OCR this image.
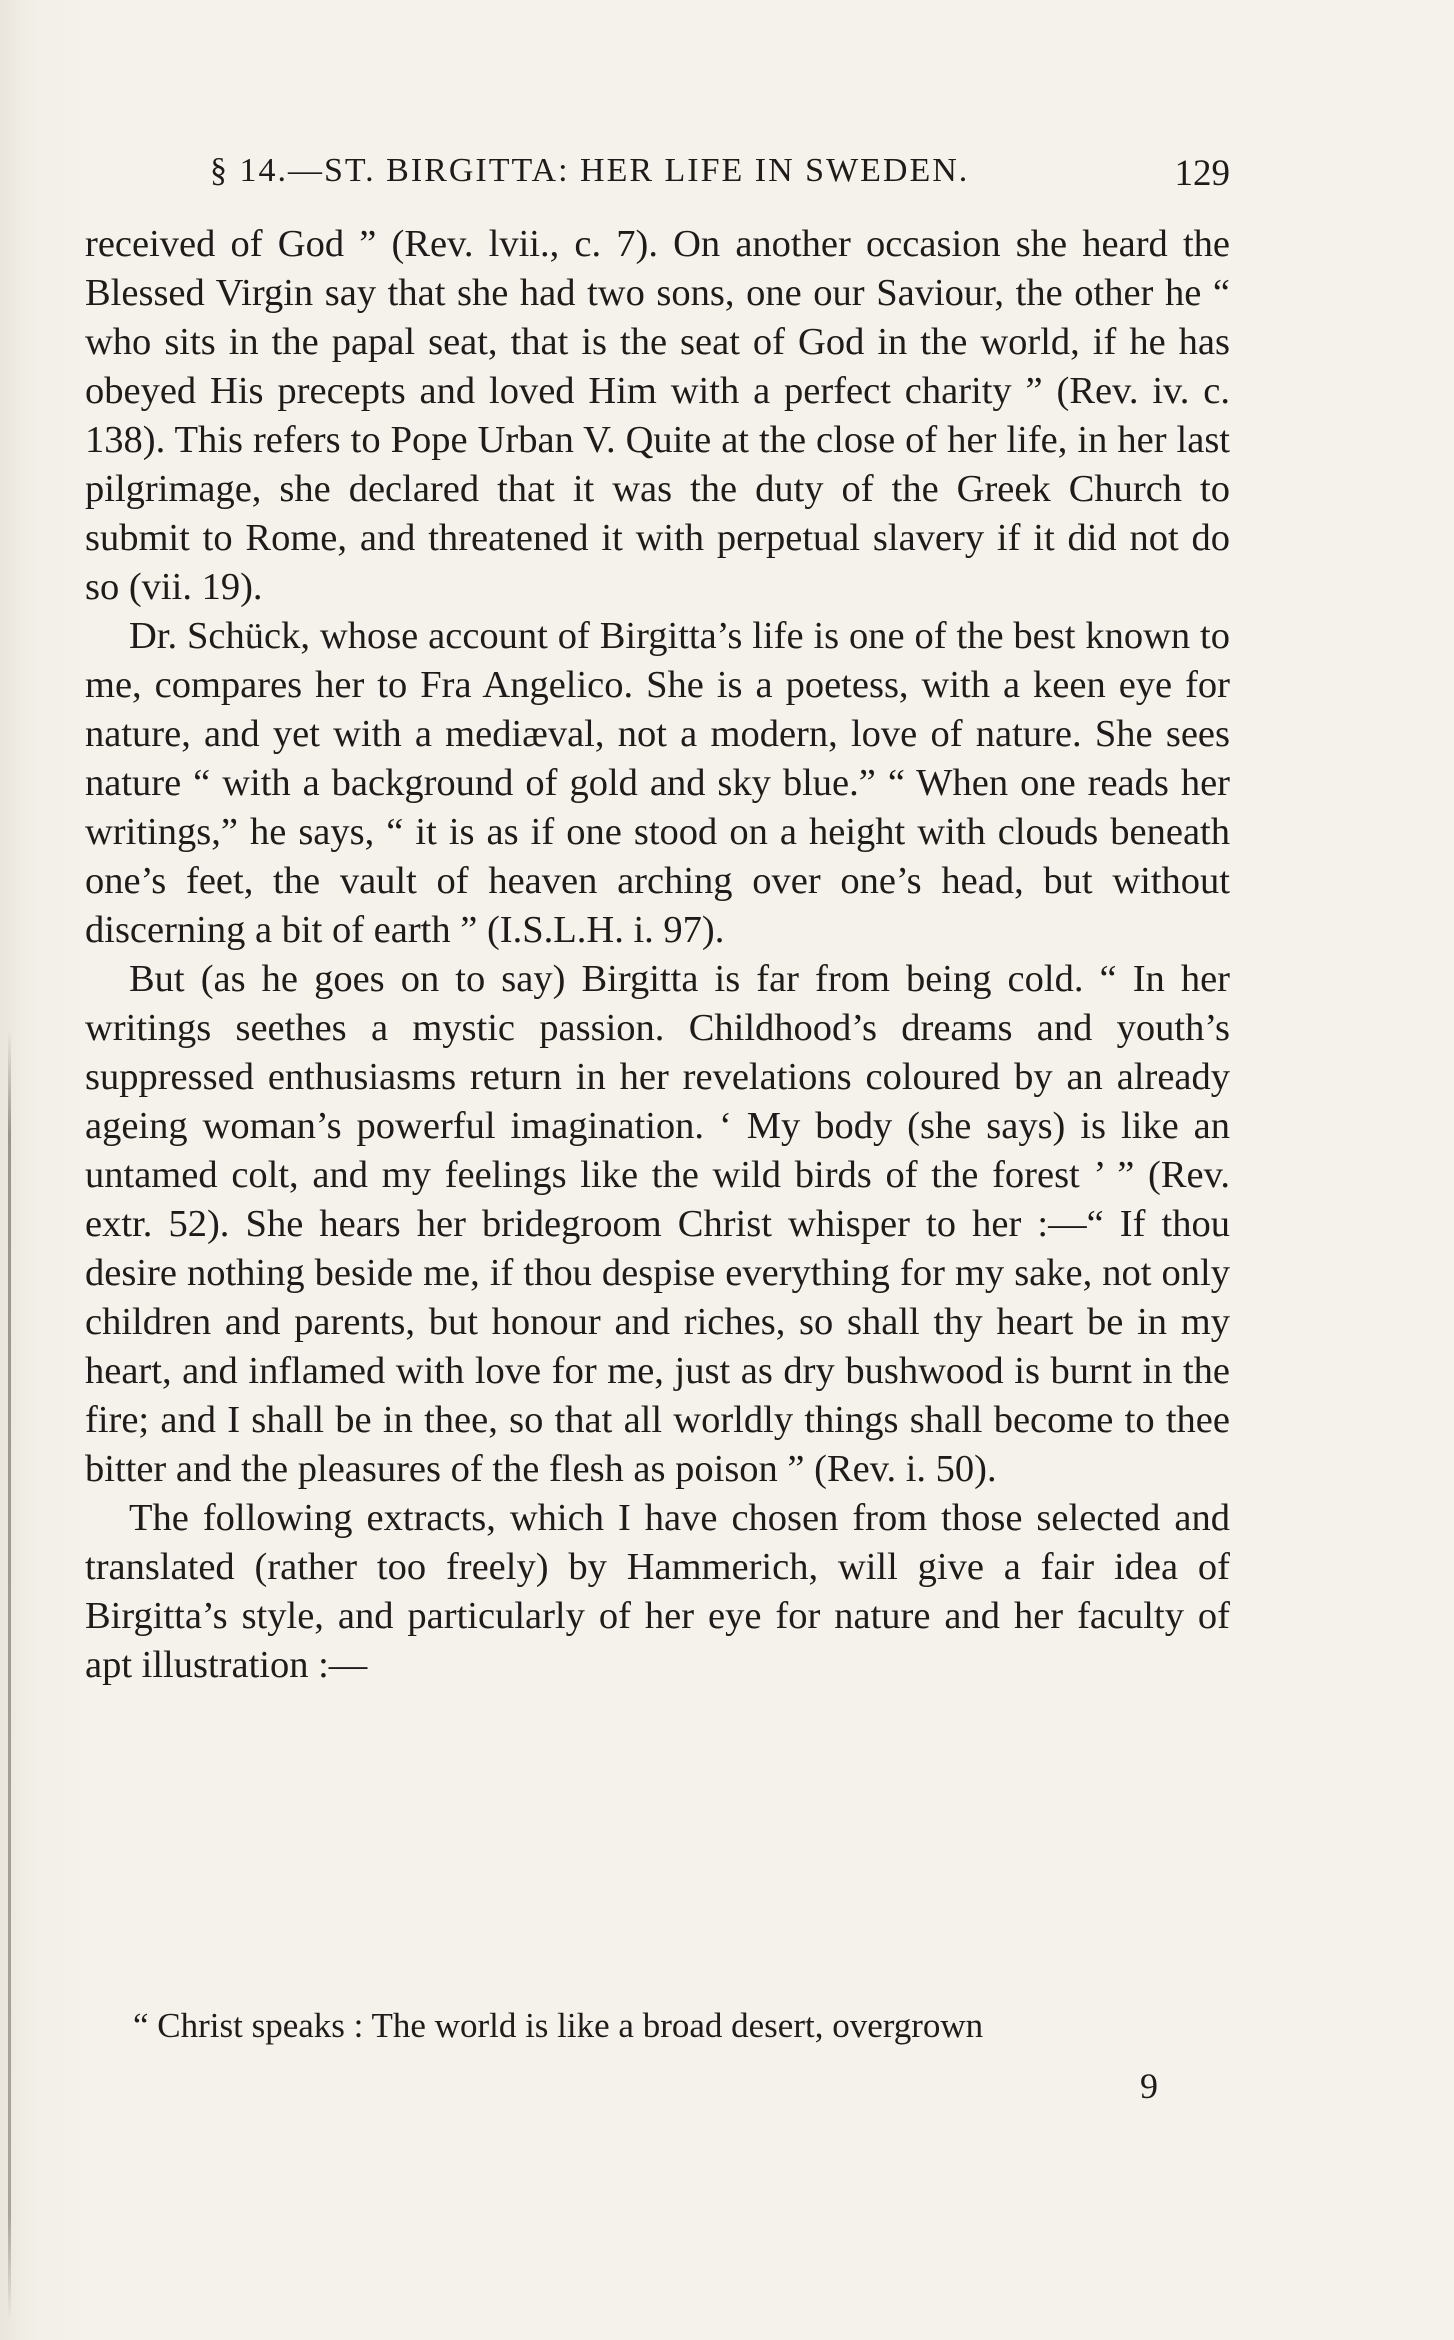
§ 14.—ST. BIRGITTA: HER LIFE IN SWEDEN.	129

received of God ” (Rev. lvii., c. 7). On another occasion she heard the Blessed Virgin say that she had two sons, one our Saviour, the other he “ who sits in the papal seat, that is the seat of God in the world, if he has obeyed His precepts and loved Him with a perfect charity ” (Rev. iv. c. 138). This refers to Pope Urban V. Quite at the close of her life, in her last pilgrimage, she declared that it was the duty of the Greek Church to submit to Rome, and threatened it with perpetual slavery if it did not do so (vii. 19).

Dr. Schück, whose account of Birgitta’s life is one of the best known to me, compares her to Fra Angelico. She is a poetess, with a keen eye for nature, and yet with a mediæval, not a modern, love of nature. She sees nature “ with a background of gold and sky blue.” “ When one reads her writings,” he says, “ it is as if one stood on a height with clouds beneath one’s feet, the vault of heaven arching over one’s head, but without discerning a bit of earth ” (I.S.L.H. i. 97).

But (as he goes on to say) Birgitta is far from being cold. “ In her writings seethes a mystic passion. Childhood’s dreams and youth’s suppressed enthusiasms return in her revelations coloured by an already ageing woman’s powerful imagination. ‘ My body (she says) is like an untamed colt, and my feelings like the wild birds of the forest ’ ” (Rev. extr. 52). She hears her bridegroom Christ whisper to her :—“ If thou desire nothing beside me, if thou despise everything for my sake, not only children and parents, but honour and riches, so shall thy heart be in my heart, and inflamed with love for me, just as dry bushwood is burnt in the fire; and I shall be in thee, so that all worldly things shall become to thee bitter and the pleasures of the flesh as poison ” (Rev. i. 50).

The following extracts, which I have chosen from those selected and translated (rather too freely) by Hammerich, will give a fair idea of Birgitta’s style, and particularly of her eye for nature and her faculty of apt illustration :—

“ Christ speaks : The world is like a broad desert, overgrown
9
